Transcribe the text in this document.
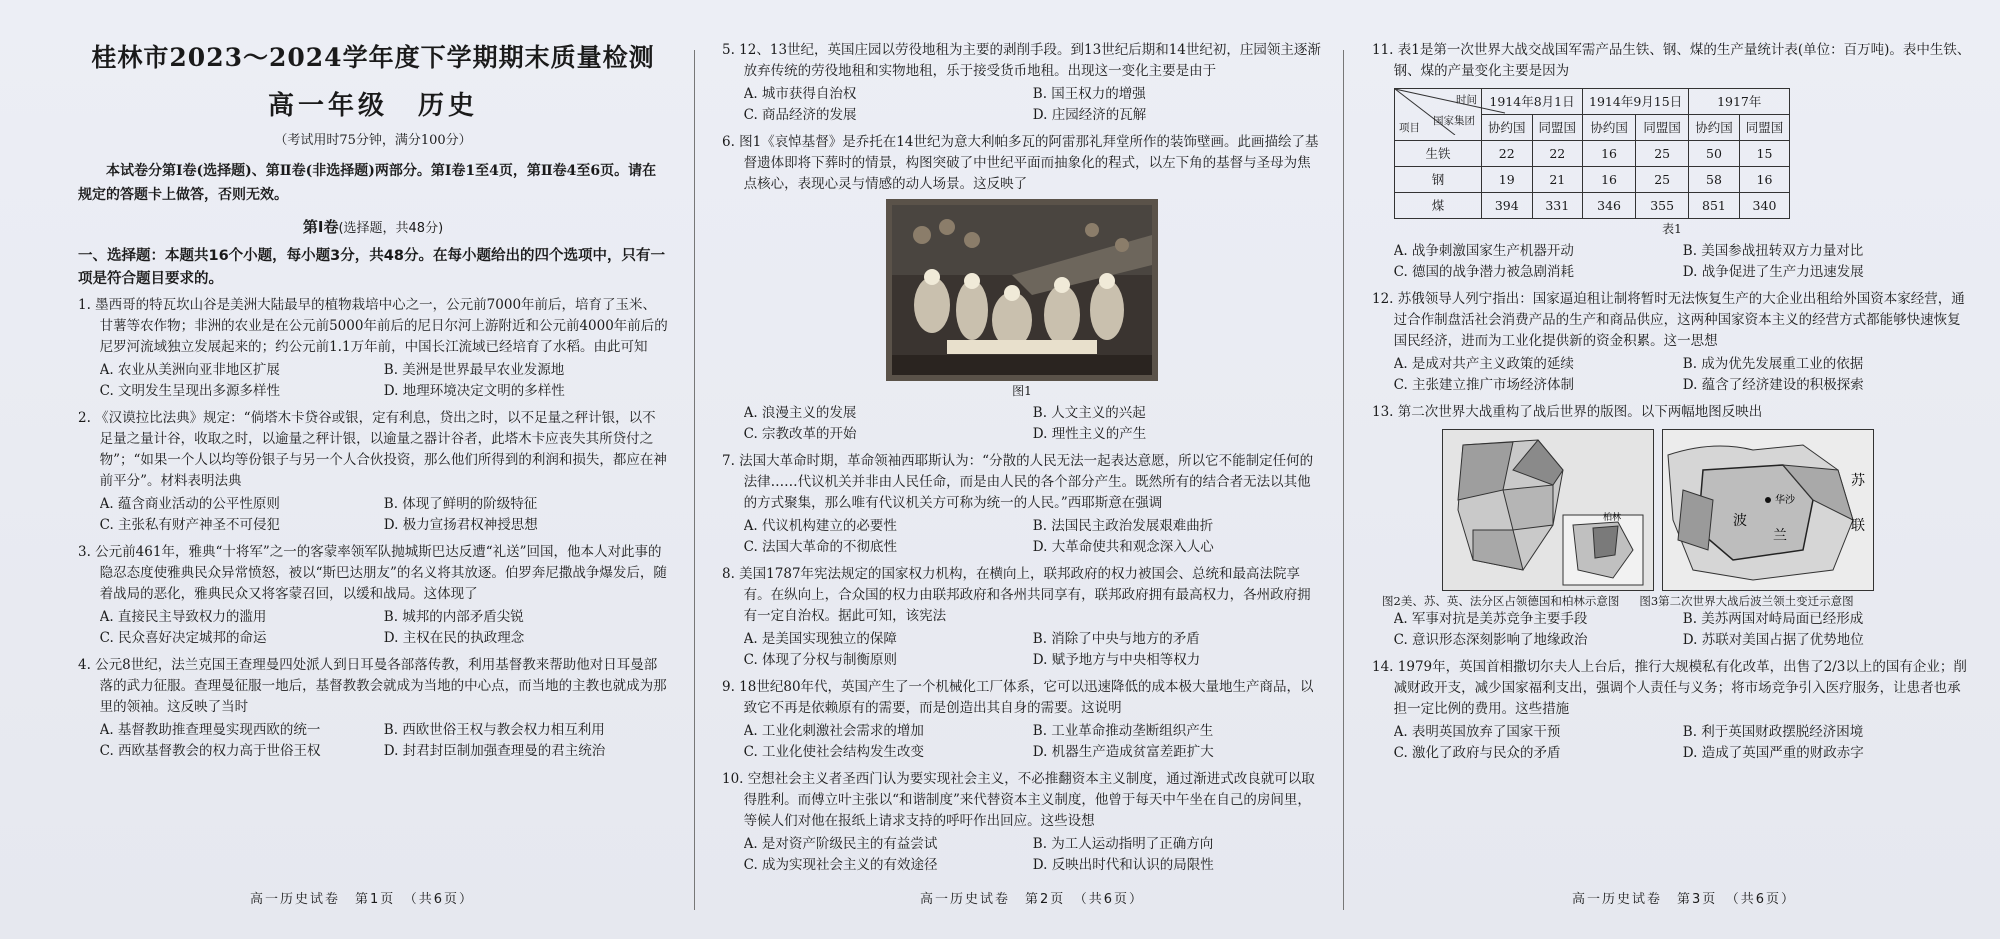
桂林市2023～2024学年度下学期期末质量检测
高一年级　历史
（考试用时75分钟，满分100分）
本试卷分第Ⅰ卷(选择题)、第Ⅱ卷(非选择题)两部分。第Ⅰ卷1至4页，第Ⅱ卷4至6页。请在规定的答题卡上做答，否则无效。
第Ⅰ卷(选择题，共48分)
一、选择题：本题共16个小题，每小题3分，共48分。在每小题给出的四个选项中，只有一项是符合题目要求的。
1. 墨西哥的特瓦坎山谷是美洲大陆最早的植物栽培中心之一，公元前7000年前后，培育了玉米、甘薯等农作物；非洲的农业是在公元前5000年前后的尼日尔河上游附近和公元前4000年前后的尼罗河流域独立发展起来的；约公元前1.1万年前，中国长江流域已经培育了水稻。由此可知
A. 农业从美洲向亚非地区扩展	B. 美洲是世界最早农业发源地
C. 文明发生呈现出多源多样性	D. 地理环境决定文明的多样性
2. 《汉谟拉比法典》规定：“倘塔木卡贷谷或银，定有利息，贷出之时，以不足量之秤计银，以不足量之量计谷，收取之时，以逾量之秤计银，以逾量之器计谷者，此塔木卡应丧失其所贷付之物”；“如果一个人以均等份银子与另一个人合伙投资，那么他们所得到的利润和损失，都应在神前平分”。材料表明法典
A. 蕴含商业活动的公平性原则	B. 体现了鲜明的阶级特征
C. 主张私有财产神圣不可侵犯	D. 极力宣扬君权神授思想
3. 公元前461年，雅典“十将军”之一的客蒙率领军队抛城斯巴达反遭“礼送”回国，他本人对此事的隐忍态度使雅典民众异常愤怒，被以“斯巴达朋友”的名义将其放逐。伯罗奔尼撒战争爆发后，随着战局的恶化，雅典民众又将客蒙召回，以缓和战局。这体现了
A. 直接民主导致权力的滥用	B. 城邦的内部矛盾尖锐
C. 民众喜好决定城邦的命运	D. 主权在民的执政理念
4. 公元8世纪，法兰克国王查理曼四处派人到日耳曼各部落传教，利用基督教来帮助他对日耳曼部落的武力征服。查理曼征服一地后，基督教教会就成为当地的中心点，而当地的主教也就成为那里的领袖。这反映了当时
A. 基督教助推查理曼实现西欧的统一	B. 西欧世俗王权与教会权力相互利用
C. 西欧基督教会的权力高于世俗王权	D. 封君封臣制加强查理曼的君主统治
高一历史试卷　第1页　（共6页）
5. 12、13世纪，英国庄园以劳役地租为主要的剥削手段。到13世纪后期和14世纪初，庄园领主逐渐放弃传统的劳役地租和实物地租，乐于接受货币地租。出现这一变化主要是由于
A. 城市获得自治权	B. 国王权力的增强
C. 商品经济的发展	D. 庄园经济的瓦解
6. 图1《哀悼基督》是乔托在14世纪为意大利帕多瓦的阿雷那礼拜堂所作的装饰壁画。此画描绘了基督遗体即将下葬时的情景，构图突破了中世纪平面而抽象化的程式，以左下角的基督与圣母为焦点核心，表现心灵与情感的动人场景。这反映了
图1
A. 浪漫主义的发展	B. 人文主义的兴起
C. 宗教改革的开始	D. 理性主义的产生
7. 法国大革命时期，革命领袖西耶斯认为：“分散的人民无法一起表达意愿，所以它不能制定任何的法律……代议机关并非由人民任命，而是由人民的各个部分产生。既然所有的结合者无法以其他的方式聚集，那么唯有代议机关方可称为统一的人民。”西耶斯意在强调
A. 代议机构建立的必要性	B. 法国民主政治发展艰难曲折
C. 法国大革命的不彻底性	D. 大革命使共和观念深入人心
8. 美国1787年宪法规定的国家权力机构，在横向上，联邦政府的权力被国会、总统和最高法院享有。在纵向上，合众国的权力由联邦政府和各州共同享有，联邦政府拥有最高权力，各州政府拥有一定自治权。据此可知，该宪法
A. 是美国实现独立的保障	B. 消除了中央与地方的矛盾
C. 体现了分权与制衡原则	D. 赋予地方与中央相等权力
9. 18世纪80年代，英国产生了一个机械化工厂体系，它可以迅速降低的成本极大量地生产商品，以致它不再是依赖原有的需要，而是创造出其自身的需要。这说明
A. 工业化刺激社会需求的增加	B. 工业革命推动垄断组织产生
C. 工业化使社会结构发生改变	D. 机器生产造成贫富差距扩大
10. 空想社会主义者圣西门认为要实现社会主义，不必推翻资本主义制度，通过渐进式改良就可以取得胜利。而傅立叶主张以“和谐制度”来代替资本主义制度，他曾于每天中午坐在自己的房间里，等候人们对他在报纸上请求支持的呼吁作出回应。这些设想
A. 是对资产阶级民主的有益尝试	B. 为工人运动指明了正确方向
C. 成为实现社会主义的有效途径	D. 反映出时代和认识的局限性
高一历史试卷　第2页　（共6页）
11. 表1是第一次世界大战交战国军需产品生铁、钢、煤的生产量统计表(单位：百万吨)。表中生铁、钢、煤的产量变化主要是因为
时间
国家集团
项目	1914年8月1日		1914年9月15日		1917年	
	协约国	同盟国	协约国	同盟国	协约国	同盟国
生铁	22	22	16	25	50	15
钢	19	21	16	25	58	16
煤	394	331	346	355	851	340
表1
A. 战争刺激国家生产机器开动	B. 美国参战扭转双方力量对比
C. 德国的战争潜力被急剧消耗	D. 战争促进了生产力迅速发展
12. 苏俄领导人列宁指出：国家逼迫租让制将暂时无法恢复生产的大企业出租给外国资本家经营，通过合作制盘活社会消费产品的生产和商品供应，这两种国家资本主义的经营方式都能够快速恢复国民经济，进而为工业化提供新的资金积累。这一思想
A. 是成对共产主义政策的延续	B. 成为优先发展重工业的依据
C. 主张建立推广市场经济体制	D. 蕴含了经济建设的积极探索
13. 第二次世界大战重构了战后世界的版图。以下两幅地图反映出
柏林
华沙
波
兰
苏
联
图2美、苏、英、法分区占领德国和柏林示意图 图3第二次世界大战后波兰领土变迁示意图
A. 军事对抗是美苏竞争主要手段	B. 美苏两国对峙局面已经形成
C. 意识形态深刻影响了地缘政治	D. 苏联对美国占据了优势地位
14. 1979年，英国首相撒切尔夫人上台后，推行大规模私有化改革，出售了2/3以上的国有企业；削减财政开支，减少国家福利支出，强调个人责任与义务；将市场竞争引入医疗服务，让患者也承担一定比例的费用。这些措施
A. 表明英国放弃了国家干预	B. 利于英国财政摆脱经济困境
C. 激化了政府与民众的矛盾	D. 造成了英国严重的财政赤字
高一历史试卷　第3页　（共6页）
